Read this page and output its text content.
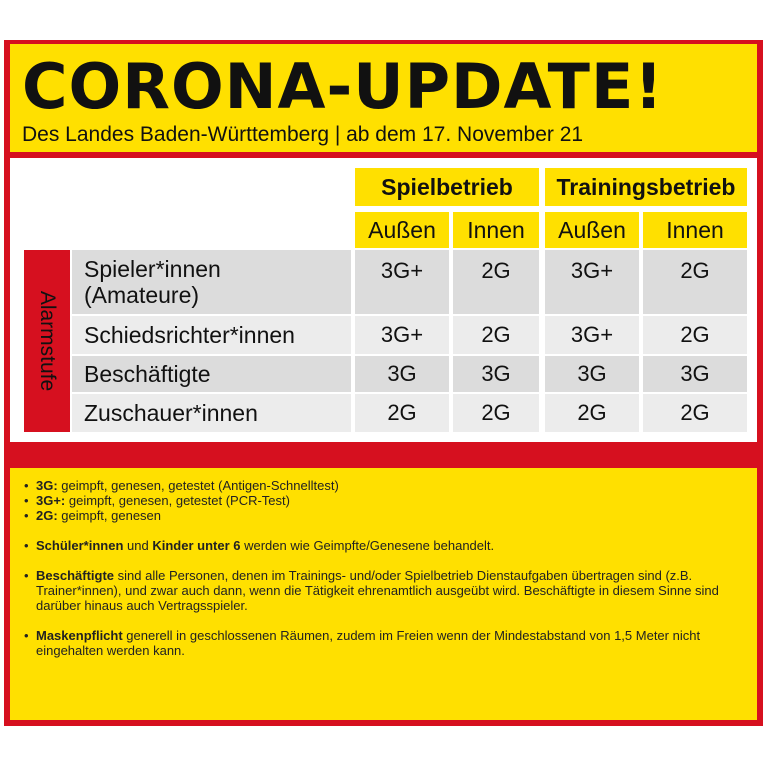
CORONA-UPDATE!
Des Landes Baden-Württemberg | ab dem 17. November 21
Spielbetrieb	Trainingsbetrieb
Außen	Innen	Außen	Innen
Alarmstufe
Spieler*innen
(Amateure)
3G+	2G	3G+	2G
Schiedsrichter*innen	3G+	2G	3G+	2G
Beschäftigte	3G	3G	3G	3G
Zuschauer*innen	2G	2G	2G	2G
• 3G: geimpft, genesen, getestet (Antigen-Schnelltest)
• 3G+: geimpft, genesen, getestet (PCR-Test)
• 2G: geimpft, genesen
• Schüler*innen und Kinder unter 6 werden wie Geimpfte/Genesene behandelt.
• Beschäftigte sind alle Personen, denen im Trainings- und/oder Spielbetrieb Dienstaufgaben übertragen sind (z.B. Trainer*innen), und zwar auch dann, wenn die Tätigkeit ehrenamtlich ausgeübt wird. Beschäftigte in diesem Sinne sind darüber hinaus auch Vertragsspieler.
• Maskenpflicht generell in geschlossenen Räumen, zudem im Freien wenn der Mindestabstand von 1,5 Meter nicht eingehalten werden kann.
